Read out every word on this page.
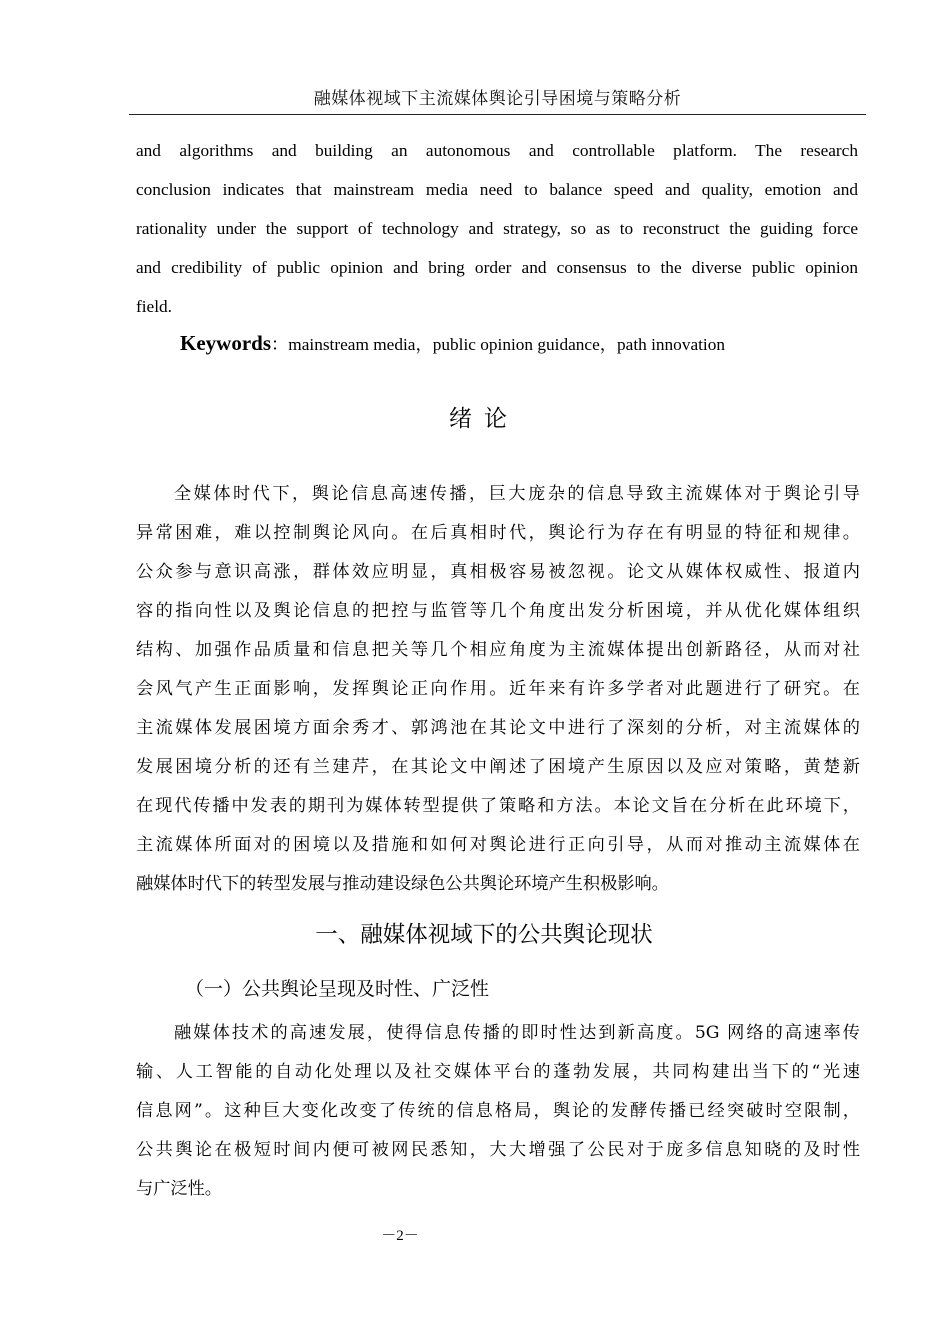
融媒体视域下主流媒体舆论引导困境与策略分析
and algorithms and building an autonomous and controllable platform. The research
conclusion indicates that mainstream media need to balance speed and quality, emotion and
rationality under the support of technology and strategy, so as to reconstruct the guiding force
and credibility of public opinion and bring order and consensus to the diverse public opinion
field.
Keywords：mainstream media，public opinion guidance，path innovation
绪论
全媒体时代下，舆论信息高速传播，巨大庞杂的信息导致主流媒体对于舆论引导
异常困难，难以控制舆论风向。在后真相时代，舆论行为存在有明显的特征和规律。
公众参与意识高涨，群体效应明显，真相极容易被忽视。论文从媒体权威性、报道内
容的指向性以及舆论信息的把控与监管等几个角度出发分析困境，并从优化媒体组织
结构、加强作品质量和信息把关等几个相应角度为主流媒体提出创新路径，从而对社
会风气产生正面影响，发挥舆论正向作用。近年来有许多学者对此题进行了研究。在
主流媒体发展困境方面余秀才、郭鸿池在其论文中进行了深刻的分析，对主流媒体的
发展困境分析的还有兰建芹，在其论文中阐述了困境产生原因以及应对策略，黄楚新
在现代传播中发表的期刊为媒体转型提供了策略和方法。本论文旨在分析在此环境下，
主流媒体所面对的困境以及措施和如何对舆论进行正向引导，从而对推动主流媒体在
融媒体时代下的转型发展与推动建设绿色公共舆论环境产生积极影响。
一、融媒体视域下的公共舆论现状
（一）公共舆论呈现及时性、广泛性
融媒体技术的高速发展，使得信息传播的即时性达到新高度。5G 网络的高速率传
输、人工智能的自动化处理以及社交媒体平台的蓬勃发展，共同构建出当下的“光速
信息网”。这种巨大变化改变了传统的信息格局，舆论的发酵传播已经突破时空限制，
公共舆论在极短时间内便可被网民悉知，大大增强了公民对于庞多信息知晓的及时性
与广泛性。
－2－
